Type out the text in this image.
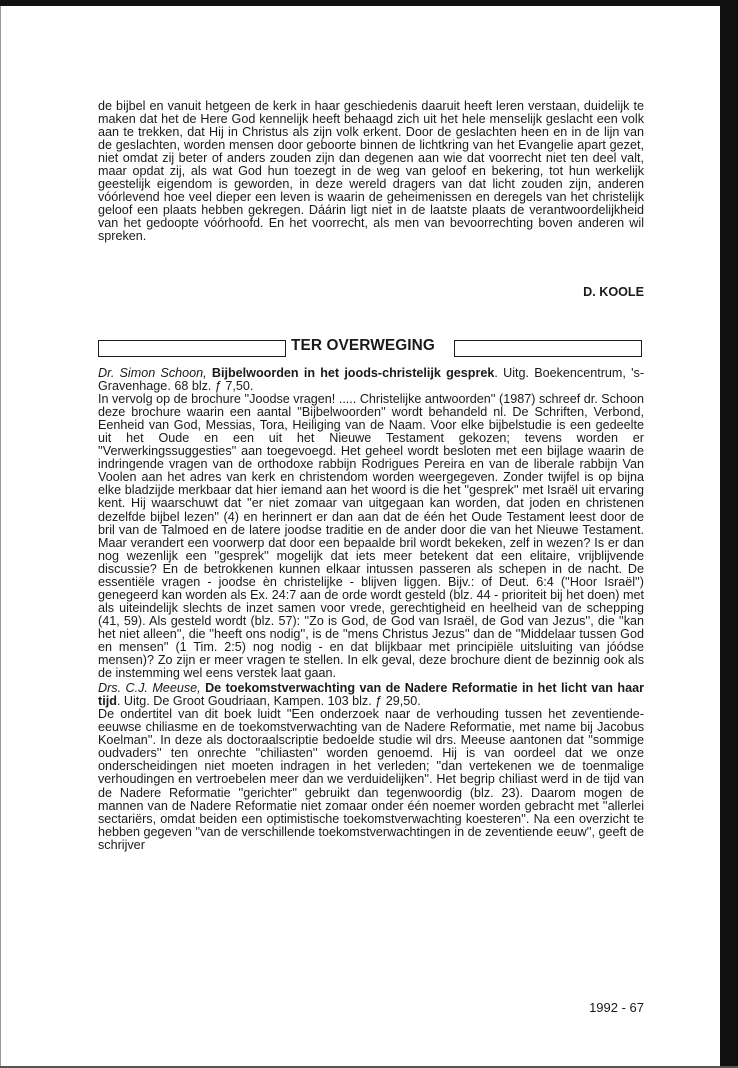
de bijbel en vanuit hetgeen de kerk in haar geschiedenis daaruit heeft leren verstaan, duidelijk te maken dat het de Here God kennelijk heeft behaagd zich uit het hele menselijk geslacht een volk aan te trekken, dat Hij in Christus als zijn volk erkent. Door de geslachten heen en in de lijn van de geslachten, worden mensen door geboorte binnen de lichtkring van het Evangelie apart gezet, niet omdat zij beter of anders zouden zijn dan degenen aan wie dat voorrecht niet ten deel valt, maar opdat zij, als wat God hun toezegt in de weg van geloof en bekering, tot hun werkelijk geestelijk eigendom is geworden, in deze wereld dragers van dat licht zouden zijn, anderen vóórlevend hoe veel dieper een leven is waarin de geheimenissen en deregels van het christelijk geloof een plaats hebben gekregen. Dáárin ligt niet in de laatste plaats de verantwoordelijkheid van het gedoopte vóórhoofd. En het voorrecht, als men van bevoorrechting boven anderen wil spreken.

D. KOOLE
TER OVERWEGING

Dr. Simon Schoon, Bijbelwoorden in het joods-christelijk gesprek. Uitg. Boekencentrum, 's-Gravenhage. 68 blz. ƒ 7,50.

In vervolg op de brochure ''Joodse vragen! ..... Christelijke antwoorden'' (1987) schreef dr. Schoon deze brochure waarin een aantal ''Bijbelwoorden'' wordt behandeld nl. De Schriften, Verbond, Eenheid van God, Messias, Tora, Heiliging van de Naam. Voor elke bijbelstudie is een gedeelte uit het Oude en een uit het Nieuwe Testament gekozen; tevens worden er ''Verwerkingssuggesties'' aan toegevoegd. Het geheel wordt besloten met een bijlage waarin de indringende vragen van de orthodoxe rabbijn Rodrigues Pereira en van de liberale rabbijn Van Voolen aan het adres van kerk en christendom worden weergegeven. Zonder twijfel is op bijna elke bladzijde merkbaar dat hier iemand aan het woord is die het ''gesprek'' met Israël uit ervaring kent. Hij waarschuwt dat ''er niet zomaar van uitgegaan kan worden, dat joden en christenen dezelfde bijbel lezen'' (4) en herinnert er dan aan dat de één het Oude Testament leest door de bril van de Talmoed en de latere joodse traditie en de ander door die van het Nieuwe Testament. Maar verandert een voorwerp dat door een bepaalde bril wordt bekeken, zelf in wezen? Is er dan nog wezenlijk een ''gesprek'' mogelijk dat iets meer betekent dat een elitaire, vrijblijvende discussie? En de betrokkenen kunnen elkaar intussen passeren als schepen in de nacht. De essentiële vragen - joodse èn christelijke - blijven liggen. Bijv.: of Deut. 6:4 (''Hoor Israël'') genegeerd kan worden als Ex. 24:7 aan de orde wordt gesteld (blz. 44 - prioriteit bij het doen) met als uiteindelijk slechts de inzet samen voor vrede, gerechtigheid en heelheid van de schepping (41, 59). Als gesteld wordt (blz. 57): ''Zo is God, de God van Israël, de God van Jezus'', die ''kan het niet alleen'', die ''heeft ons nodig'', is de ''mens Christus Jezus'' dan de ''Middelaar tussen God en mensen'' (1 Tim. 2:5) nog nodig - en dat blijkbaar met principiële uitsluiting van jóódse mensen)? Zo zijn er meer vragen te stellen. In elk geval, deze brochure dient de bezinnig ook als de instemming wel eens verstek laat gaan.

Drs. C.J. Meeuse, De toekomstverwachting van de Nadere Reformatie in het licht van haar tijd. Uitg. De Groot Goudriaan, Kampen. 103 blz. ƒ 29,50.

De ondertitel van dit boek luidt ''Een onderzoek naar de verhouding tussen het zeventiende-eeuwse chiliasme en de toekomstverwachting van de Nadere Reformatie, met name bij Jacobus Koelman''. In deze als doctoraalscriptie bedoelde studie wil drs. Meeuse aantonen dat ''sommige oudvaders'' ten onrechte ''chiliasten'' worden genoemd. Hij is van oordeel dat we onze onderscheidingen niet moeten indragen in het verleden; ''dan vertekenen we de toenmalige verhoudingen en vertroebelen meer dan we verduidelijken''. Het begrip chiliast werd in de tijd van de Nadere Reformatie ''gerichter'' gebruikt dan tegenwoordig (blz. 23). Daarom mogen de mannen van de Nadere Reformatie niet zomaar onder één noemer worden gebracht met ''allerlei sectariërs, omdat beiden een optimistische toekomstverwachting koesteren''. Na een overzicht te hebben gegeven ''van de verschillende toekomstverwachtingen in de zeventiende eeuw'', geeft de schrijver

1992 - 67
